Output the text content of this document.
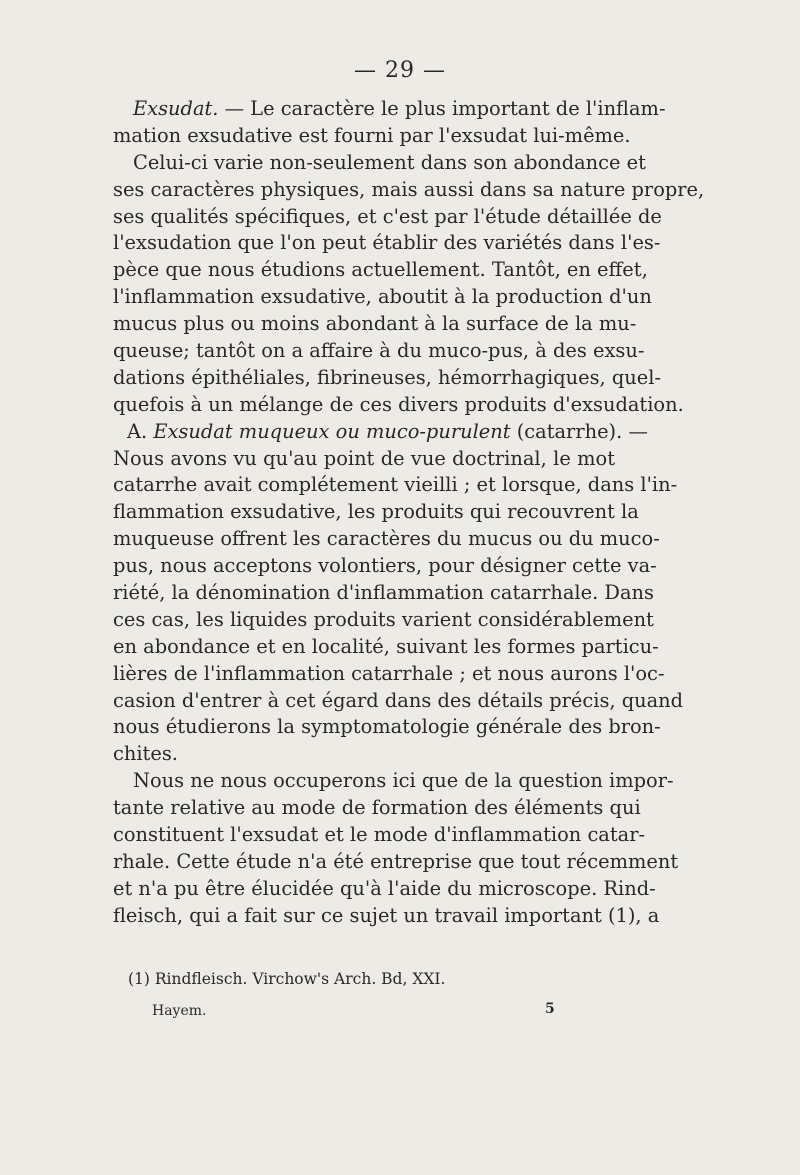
— 29 —
Exsudat. — Le caractère le plus important de l'inflam-
mation exsudative est fourni par l'exsudat lui-même.
Celui-ci varie non-seulement dans son abondance et
ses caractères physiques, mais aussi dans sa nature propre,
ses qualités spécifiques, et c'est par l'étude détaillée de
l'exsudation que l'on peut établir des variétés dans l'es-
pèce que nous étudions actuellement. Tantôt, en effet,
l'inflammation exsudative, aboutit à la production d'un
mucus plus ou moins abondant à la surface de la mu-
queuse; tantôt on a affaire à du muco-pus, à des exsu-
dations épithéliales, fibrineuses, hémorrhagiques, quel-
quefois à un mélange de ces divers produits d'exsudation.
A. Exsudat muqueux ou muco-purulent (catarrhe). —
Nous avons vu qu'au point de vue doctrinal, le mot
catarrhe avait complétement vieilli ; et lorsque, dans l'in-
flammation exsudative, les produits qui recouvrent la
muqueuse offrent les caractères du mucus ou du muco-
pus, nous acceptons volontiers, pour désigner cette va-
riété, la dénomination d'inflammation catarrhale. Dans
ces cas, les liquides produits varient considérablement
en abondance et en localité, suivant les formes particu-
lières de l'inflammation catarrhale ; et nous aurons l'oc-
casion d'entrer à cet égard dans des détails précis, quand
nous étudierons la symptomatologie générale des bron-
chites.
Nous ne nous occuperons ici que de la question impor-
tante relative au mode de formation des éléments qui
constituent l'exsudat et le mode d'inflammation catar-
rhale. Cette étude n'a été entreprise que tout récemment
et n'a pu être élucidée qu'à l'aide du microscope. Rind-
fleisch, qui a fait sur ce sujet un travail important (1), a
(1) Rindfleisch. Virchow's Arch. Bd, XXI.
Hayem.	5
